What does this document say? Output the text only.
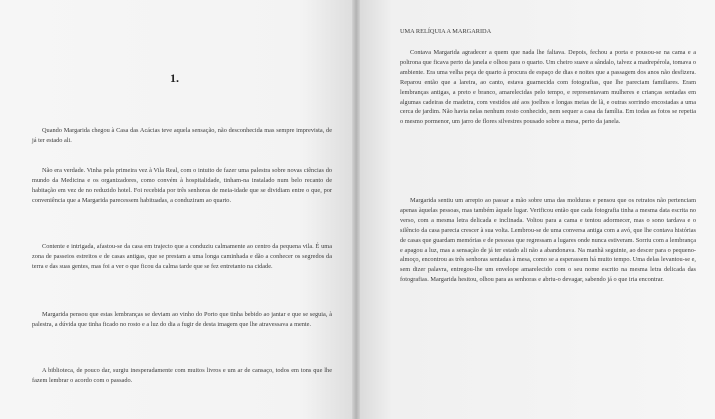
1.

Quando Margarida chegou à Casa das Acácias teve aquela sensação, não desconhecida mas sempre imprevista, de já ter estado ali.

Não era verdade. Vinha pela primeira vez à Vila Real, com o intuito de fazer uma palestra sobre novas ciências do mundo da Medicina e os organizadores, como convém à hospitalidade, tinham-na instalado num belo recanto de habitação em vez de no reduzido hotel. Foi recebida por três senhoras de meia-idade que se dividiam entre o que, por conveniência que a Margarida parecessem habituadas, a conduziram ao quarto.

Contente e intrigada, afastou-se da casa em trajecto que a conduziu calmamente ao centro da pequena vila. É uma zona de passeios estreitos e de casas antigas, que se prestam a uma longa caminhada e dão a conhecer os segredos da terra e das suas gentes, mas foi a ver o que ficou da calma tarde que se fez entretanto na cidade.

Margarida pensou que estas lembranças se deviam ao vinho do Porto que tinha bebido ao jantar e que se seguia, à palestra, a dúvida que tinha ficado no rosto e a luz do dia a fugir de desta imagem que lhe atravessava a mente.

A biblioteca, de pouco dar, surgiu inesperadamente com muitos livros e um ar de cansaço, todos em tons que lhe fazem lembrar o acordo com o passado.

UMA RELÍQUIA A MARGARIDA

Contava Margarida agradecer a quem que nada lhe faltava. Depois, fechou a porta e pousou-se na cama e a poltrona que ficava perto da janela e olhou para o quarto. Um cheiro suave a sândalo, talvez a madrepérola, tomava o ambiente. Era uma velha peça de quarto à procura de espaço de dias e noites que a passagem dos anos não desfizera. Reparou então que a lareira, ao canto, estava guarnecida com fotografias, que lhe pareciam familiares. Eram lembranças antigas, a preto e branco, amarelecidas pelo tempo, e representavam mulheres e crianças sentadas em algumas cadeiras de madeira, com vestidos até aos joelhos e longas meias de lã, e outras sorrindo encostadas a uma cerca de jardim. Não havia nelas nenhum rosto conhecido, nem sequer a casa da família. Em todas as fotos se repetia o mesmo pormenor, um jarro de flores silvestres pousado sobre a mesa, perto da janela.

Margarida sentiu um arrepio ao passar a mão sobre uma das molduras e pensou que os retratos não pertenciam apenas àquelas pessoas, mas também àquele lugar. Verificou então que cada fotografia tinha a mesma data escrita no verso, com a mesma letra delicada e inclinada. Voltou para a cama e tentou adormecer, mas o sono tardava e o silêncio da casa parecia crescer à sua volta. Lembrou-se de uma conversa antiga com a avó, que lhe contava histórias de casas que guardam memórias e de pessoas que regressam a lugares onde nunca estiveram. Sorriu com a lembrança e apagou a luz, mas a sensação de já ter estado ali não a abandonava. Na manhã seguinte, ao descer para o pequeno-almoço, encontrou as três senhoras sentadas à mesa, como se a esperassem há muito tempo. Uma delas levantou-se e, sem dizer palavra, entregou-lhe um envelope amarelecido com o seu nome escrito na mesma letra delicada das fotografias. Margarida hesitou, olhou para as senhoras e abriu-o devagar, sabendo já o que iria encontrar.
